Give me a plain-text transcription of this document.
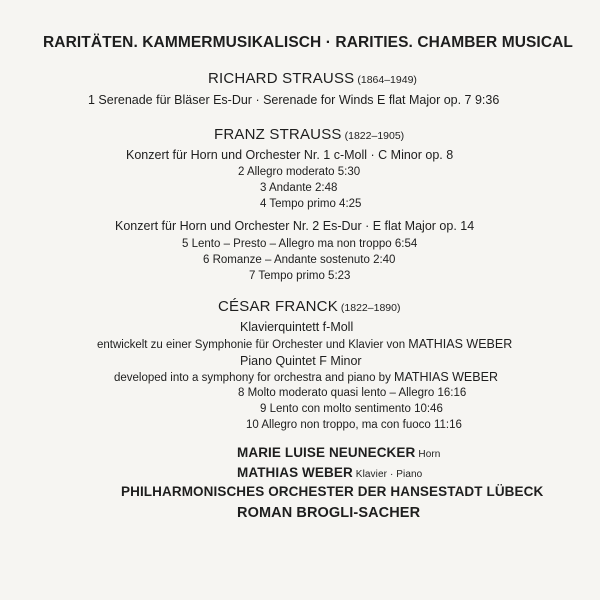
RARITÄTEN. KAMMERMUSIKALISCH · RARITIES. CHAMBER MUSICAL
RICHARD STRAUSS (1864–1949)
1 Serenade für Bläser Es-Dur · Serenade for Winds E flat Major op. 7 9:36
FRANZ STRAUSS (1822–1905)
Konzert für Horn und Orchester Nr. 1 c-Moll · C Minor op. 8
2 Allegro moderato 5:30
3 Andante 2:48
4 Tempo primo 4:25
Konzert für Horn und Orchester Nr. 2 Es-Dur · E flat Major op. 14
5 Lento – Presto – Allegro ma non troppo 6:54
6 Romanze – Andante sostenuto 2:40
7 Tempo primo 5:23
CÉSAR FRANCK (1822–1890)
Klavierquintett f-Moll
entwickelt zu einer Symphonie für Orchester und Klavier von MATHIAS WEBER
Piano Quintet F Minor
developed into a symphony for orchestra and piano by MATHIAS WEBER
8 Molto moderato quasi lento – Allegro 16:16
9 Lento con molto sentimento 10:46
10 Allegro non troppo, ma con fuoco 11:16
MARIE LUISE NEUNECKER Horn
MATHIAS WEBER Klavier · Piano
PHILHARMONISCHES ORCHESTER DER HANSESTADT LÜBECK
ROMAN BROGLI-SACHER
